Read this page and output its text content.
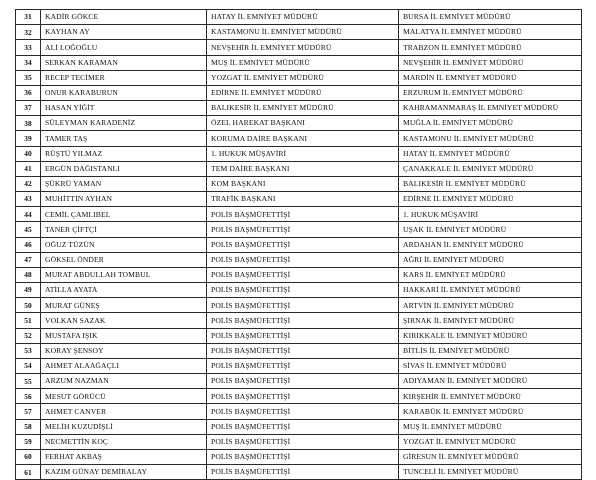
31	KADİR GÖKCE	HATAY İL EMNİYET MÜDÜRÜ	BURSA İL EMNİYET MÜDÜRÜ
32	KAYHAN AY	KASTAMONU İL EMNİYET MÜDÜRÜ	MALATYA İL EMNİYET MÜDÜRÜ
33	ALİ LOĞOĞLU	NEVŞEHİR İL EMNİYET MÜDÜRÜ	TRABZON İL EMNİYET MÜDÜRÜ
34	SERKAN KARAMAN	MUŞ İL EMNİYET MÜDÜRÜ	NEVŞEHİR İL EMNİYET MÜDÜRÜ
35	RECEP TECİMER	YOZGAT İL EMNİYET MÜDÜRÜ	MARDİN İL EMNİYET MÜDÜRÜ
36	ONUR KARABURUN	EDİRNE İL EMNİYET MÜDÜRÜ	ERZURUM İL EMNİYET MÜDÜRÜ
37	HASAN YİĞİT	BALIKESİR İL EMNİYET MÜDÜRÜ	KAHRAMANMARAŞ İL EMNİYET MÜDÜRÜ
38	SÜLEYMAN KARADENİZ	ÖZEL HAREKAT BAŞKANI	MUĞLA İL EMNİYET MÜDÜRÜ
39	TAMER TAŞ	KORUMA DAİRE BAŞKANI	KASTAMONU İL EMNİYET MÜDÜRÜ
40	RÜŞTÜ YILMAZ	1. HUKUK MÜŞAVİRİ	HATAY İL EMNİYET MÜDÜRÜ
41	ERGÜN DAĞISTANLI	TEM DAİRE BAŞKANI	ÇANAKKALE İL EMNİYET MÜDÜRÜ
42	ŞÜKRÜ YAMAN	KOM BAŞKANI	BALIKESİR İL EMNİYET MÜDÜRÜ
43	MUHİTTİN AYHAN	TRAFİK BAŞKANI	EDİRNE İL EMNİYET MÜDÜRÜ
44	CEMİL ÇAMLIBEL	POLİS BAŞMÜFETTİŞİ	1. HUKUK MÜŞAVİRİ
45	TANER ÇİFTÇİ	POLİS BAŞMÜFETTİŞİ	UŞAK İL EMNİYET MÜDÜRÜ
46	OĞUZ TÜZÜN	POLİS BAŞMÜFETTİŞİ	ARDAHAN İL EMNİYET MÜDÜRÜ
47	GÖKSEL ÖNDER	POLİS BAŞMÜFETTİŞİ	AĞRI İL EMNİYET MÜDÜRÜ
48	MURAT ABDULLAH TOMBUL	POLİS BAŞMÜFETTİŞİ	KARS İL EMNİYET MÜDÜRÜ
49	ATİLLA AYATA	POLİS BAŞMÜFETTİŞİ	HAKKARİ İL EMNİYET MÜDÜRÜ
50	MURAT GÜNEŞ	POLİS BAŞMÜFETTİŞİ	ARTVİN İL EMNİYET MÜDÜRÜ
51	VOLKAN SAZAK	POLİS BAŞMÜFETTİŞİ	ŞIRNAK İL EMNİYET MÜDÜRÜ
52	MUSTAFA IŞIK	POLİS BAŞMÜFETTİŞİ	KIRIKKALE İL EMNİYET MÜDÜRÜ
53	KORAY ŞENSOY	POLİS BAŞMÜFETTİŞİ	BİTLİS İL EMNİYET MÜDÜRÜ
54	AHMET ALAAĞAÇLI	POLİS BAŞMÜFETTİŞİ	SİVAS İL EMNİYET MÜDÜRÜ
55	ARZUM NAZMAN	POLİS BAŞMÜFETTİŞİ	ADIYAMAN İL EMNİYET MÜDÜRÜ
56	MESUT GÖRÜCÜ	POLİS BAŞMÜFETTİŞİ	KIRŞEHİR İL EMNİYET MÜDÜRÜ
57	AHMET CANVER	POLİS BAŞMÜFETTİŞİ	KARABÜK İL EMNİYET MÜDÜRÜ
58	MELİH KUZUDİŞLİ	POLİS BAŞMÜFETTİŞİ	MUŞ İL EMNİYET MÜDÜRÜ
59	NECMETTİN KOÇ	POLİS BAŞMÜFETTİŞİ	YOZGAT İL EMNİYET MÜDÜRÜ
60	FERHAT AKBAŞ	POLİS BAŞMÜFETTİŞİ	GİRESUN İL EMNİYET MÜDÜRÜ
61	KAZIM GÜNAY DEMİRALAY	POLİS BAŞMÜFETTİŞİ	TUNCELİ İL EMNİYET MÜDÜRÜ
